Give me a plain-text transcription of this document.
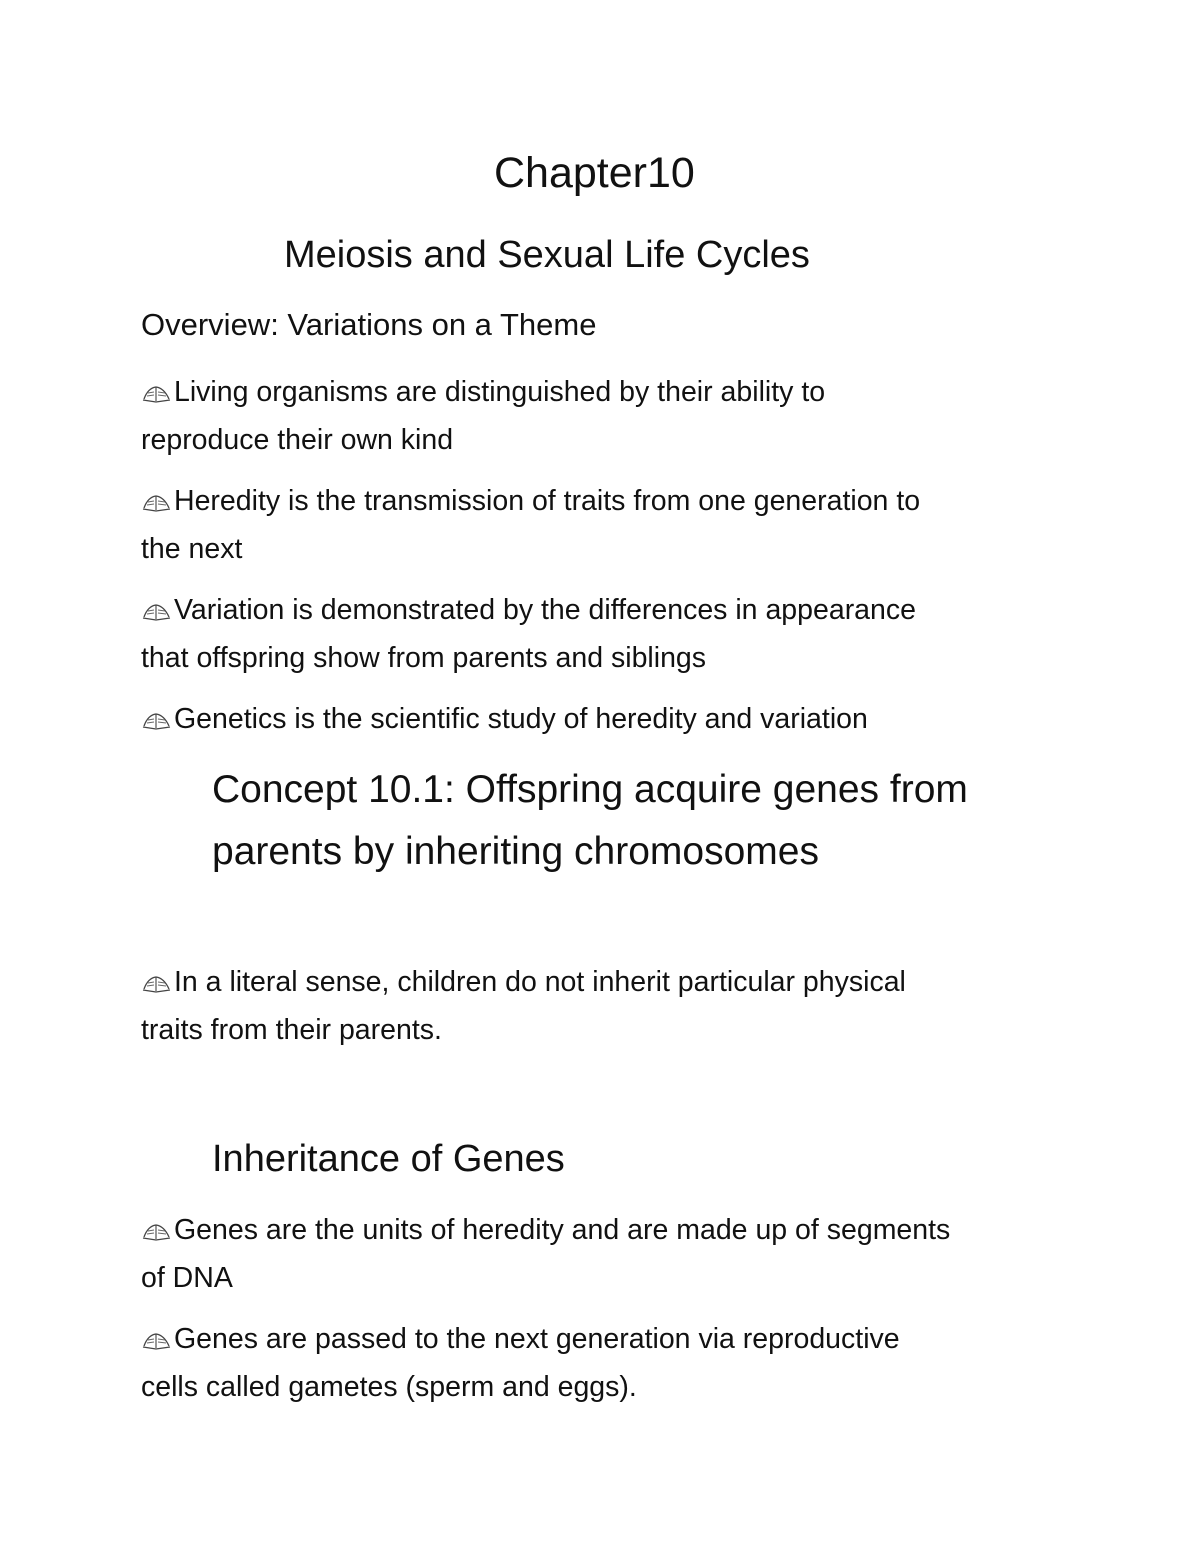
Chapter10
Meiosis and Sexual Life Cycles
Overview: Variations on a Theme
Living organisms are distinguished by their ability to
reproduce their own kind
Heredity is the transmission of traits from one generation to
the next
Variation is demonstrated by the differences in appearance
that offspring show from parents and siblings
Genetics is the scientific study of heredity and variation
Concept 10.1: Offspring acquire genes from
parents by inheriting chromosomes
In a literal sense, children do not inherit particular physical
traits from their parents.
Inheritance of Genes
Genes are the units of heredity and are made up of segments
of DNA
Genes are passed to the next generation via reproductive
cells called gametes (sperm and eggs).
